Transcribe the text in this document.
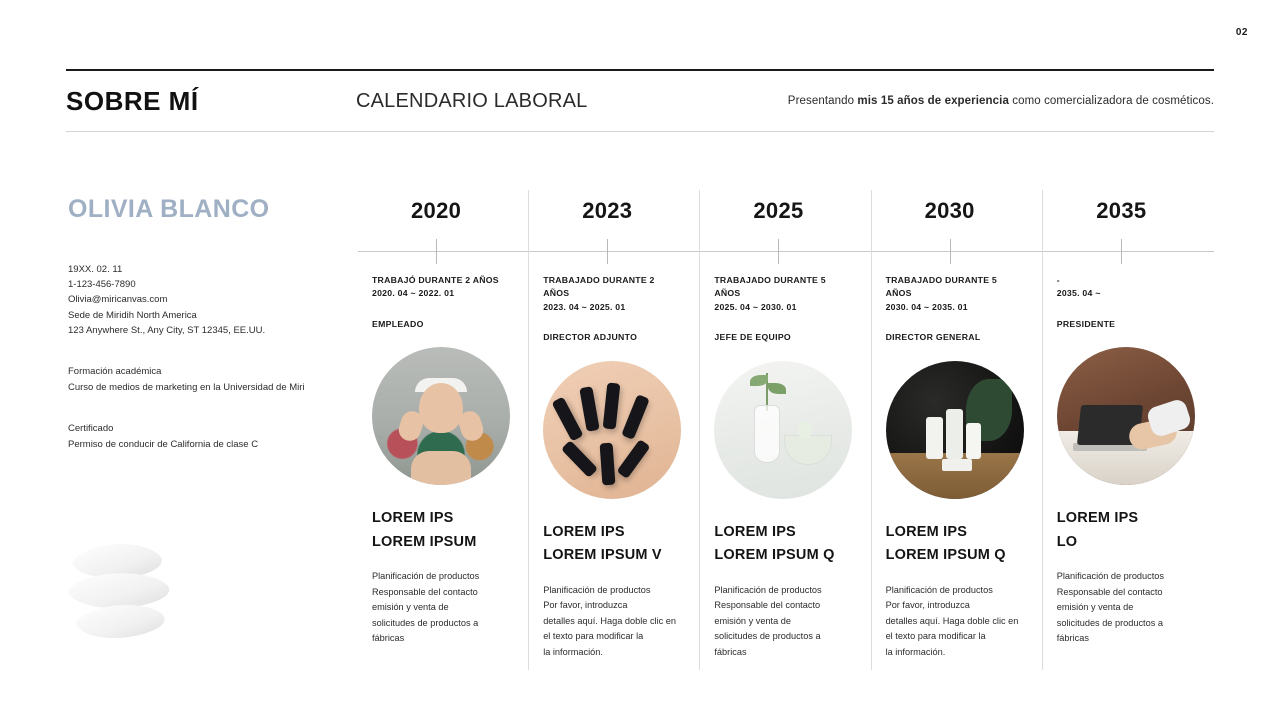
02
SOBRE MÍ	CALENDARIO LABORAL	Presentando mis 15 años de experiencia como comercializadora de cosméticos.
OLIVIA BLANCO
19XX. 02. 11
1-123-456-7890
Olivia@miricanvas.com
Sede de Miridih North America
123 Anywhere St., Any City, ST 12345, EE.UU.
Formación académica
Curso de medios de marketing en la Universidad de Miri
Certificado
Permiso de conducir de California de clase C
2020
TRABAJÓ DURANTE 2 AÑOS
2020. 04 ~ 2022. 01
EMPLEADO
LOREM IPS
LOREM IPSUM
Planificación de productos
Responsable del contacto
emisión y venta de
solicitudes de productos a
fábricas
2023
TRABAJADO DURANTE 2 AÑOS
2023. 04 ~ 2025. 01
DIRECTOR ADJUNTO
LOREM IPS
LOREM IPSUM V
Planificación de productos
Por favor, introduzca
detalles aquí. Haga doble clic en
el texto para modificar la
la información.
2025
TRABAJADO DURANTE 5 AÑOS
2025. 04 ~ 2030. 01
JEFE DE EQUIPO
LOREM IPS
LOREM IPSUM Q
Planificación de productos
Responsable del contacto
emisión y venta de
solicitudes de productos a
fábricas
2030
TRABAJADO DURANTE 5 AÑOS
2030. 04 ~ 2035. 01
DIRECTOR GENERAL
LOREM IPS
LOREM IPSUM Q
Planificación de productos
Por favor, introduzca
detalles aquí. Haga doble clic en
el texto para modificar la
la información.
2035
-
2035. 04 ~
PRESIDENTE
LOREM IPS
LO
Planificación de productos
Responsable del contacto
emisión y venta de
solicitudes de productos a
fábricas
